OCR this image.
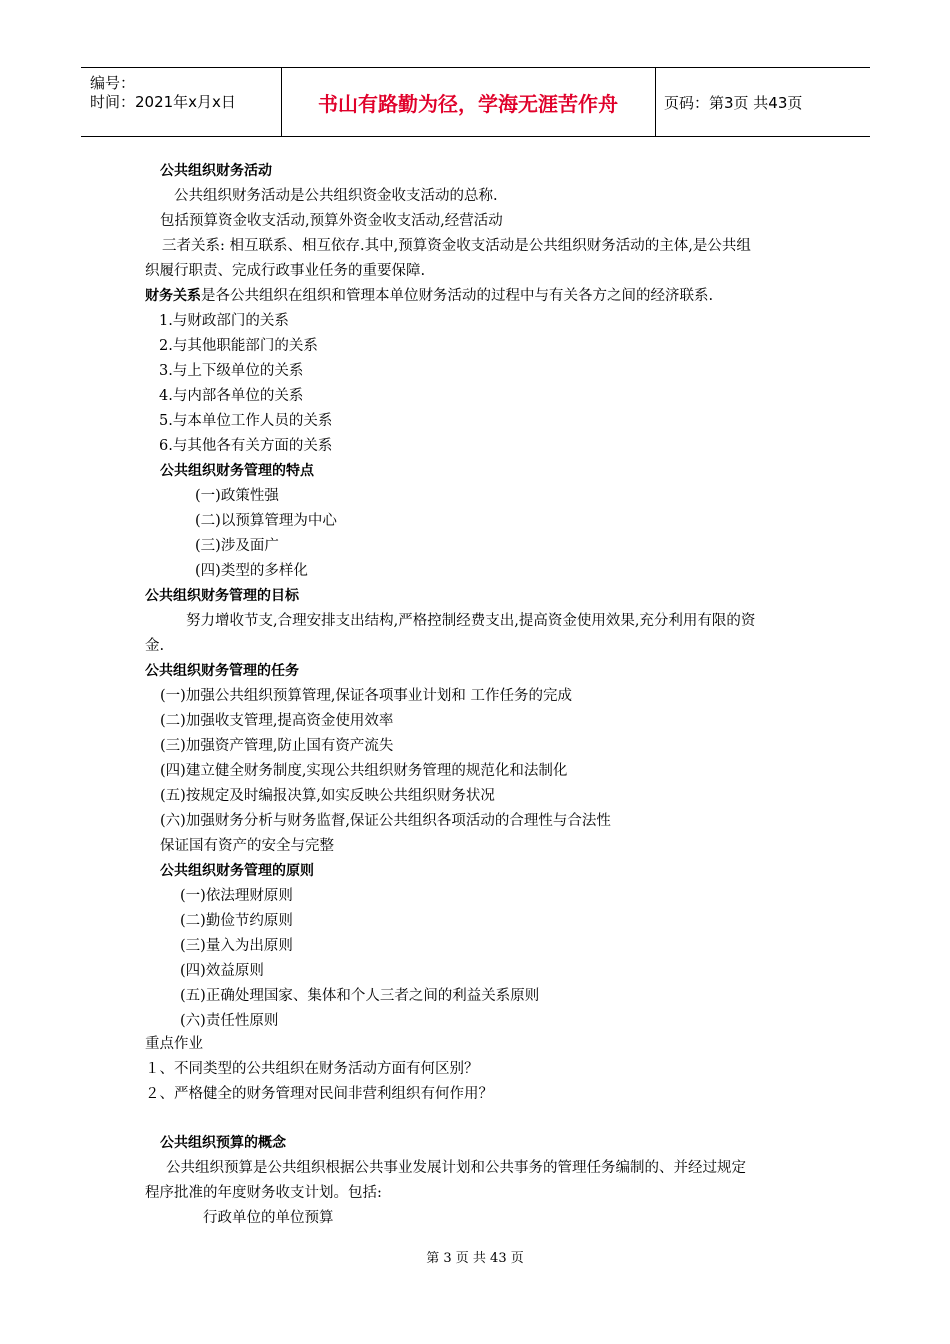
编号：
时间：2021年x月x日	书山有路勤为径，学海无涯苦作舟	页码：第3页 共43页
公共组织财务活动
公共组织财务活动是公共组织资金收支活动的总称.
包括预算资金收支活动,预算外资金收支活动,经营活动
三者关系: 相互联系、相互依存.其中,预算资金收支活动是公共组织财务活动的主体,是公共组
织履行职责、完成行政事业任务的重要保障.
财务关系是各公共组织在组织和管理本单位财务活动的过程中与有关各方之间的经济联系.
1.与财政部门的关系
2.与其他职能部门的关系
3.与上下级单位的关系
4.与内部各单位的关系
5.与本单位工作人员的关系
6.与其他各有关方面的关系
公共组织财务管理的特点
(一)政策性强
(二)以预算管理为中心
(三)涉及面广
(四)类型的多样化
公共组织财务管理的目标
努力增收节支,合理安排支出结构,严格控制经费支出,提高资金使用效果,充分利用有限的资
金.
公共组织财务管理的任务
(一)加强公共组织预算管理,保证各项事业计划和 工作任务的完成
(二)加强收支管理,提高资金使用效率
(三)加强资产管理,防止国有资产流失
(四)建立健全财务制度,实现公共组织财务管理的规范化和法制化
(五)按规定及时编报决算,如实反映公共组织财务状况
(六)加强财务分析与财务监督,保证公共组织各项活动的合理性与合法性
保证国有资产的安全与完整
公共组织财务管理的原则
(一)依法理财原则
(二)勤俭节约原则
(三)量入为出原则
(四)效益原则
(五)正确处理国家、集体和个人三者之间的利益关系原则
(六)责任性原则
重点作业
１、不同类型的公共组织在财务活动方面有何区别？
２、严格健全的财务管理对民间非营利组织有何作用？
公共组织预算的概念
公共组织预算是公共组织根据公共事业发展计划和公共事务的管理任务编制的、并经过规定
程序批准的年度财务收支计划。包括:
行政单位的单位预算
第 3 页 共 43 页
